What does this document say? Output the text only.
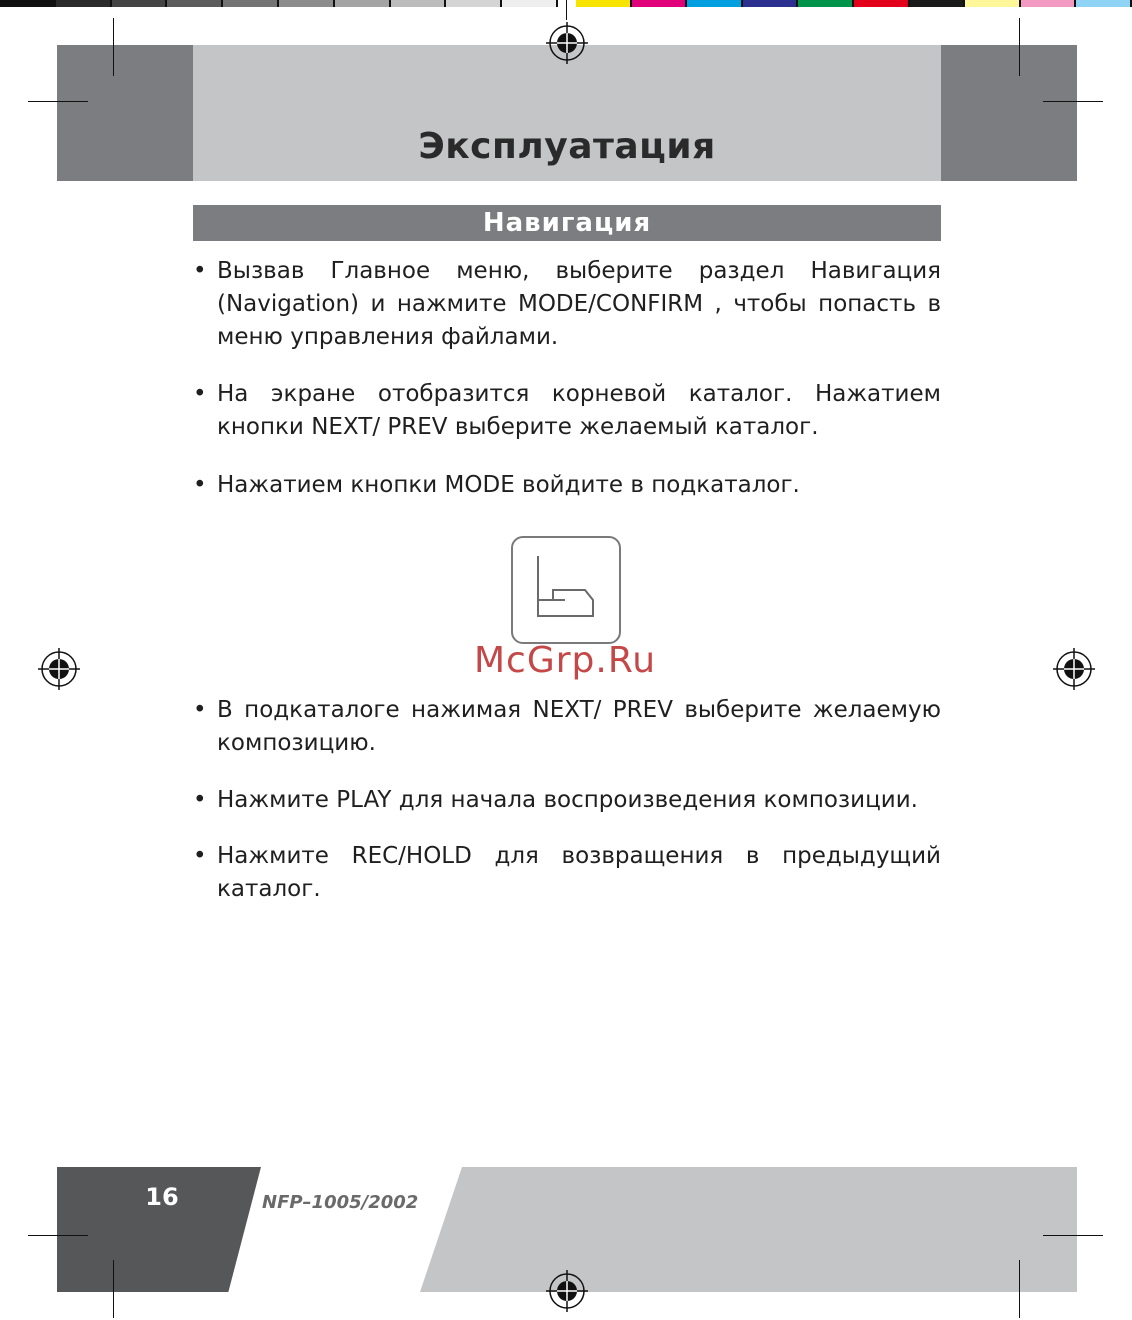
Эксплуатация
Навигация
• Вызвав Главное меню, выберите раздел Навигация (Navigation) и нажмите MODE/CONFIRM , чтобы попасть в меню управления файлами.
• На экране отобразится корневой каталог. Нажатием кнопки NEXT/ PREV выберите желаемый каталог.
• Нажатием кнопки MODE войдите в подкаталог.
McGrp.Ru
• В подкаталоге нажимая NEXT/ PREV выберите желаемую композицию.
• Нажмите PLAY для начала воспроизведения композиции.
• Нажмите REC/HOLD для возвращения в предыдущий каталог.
16	NFP–1005/2002
